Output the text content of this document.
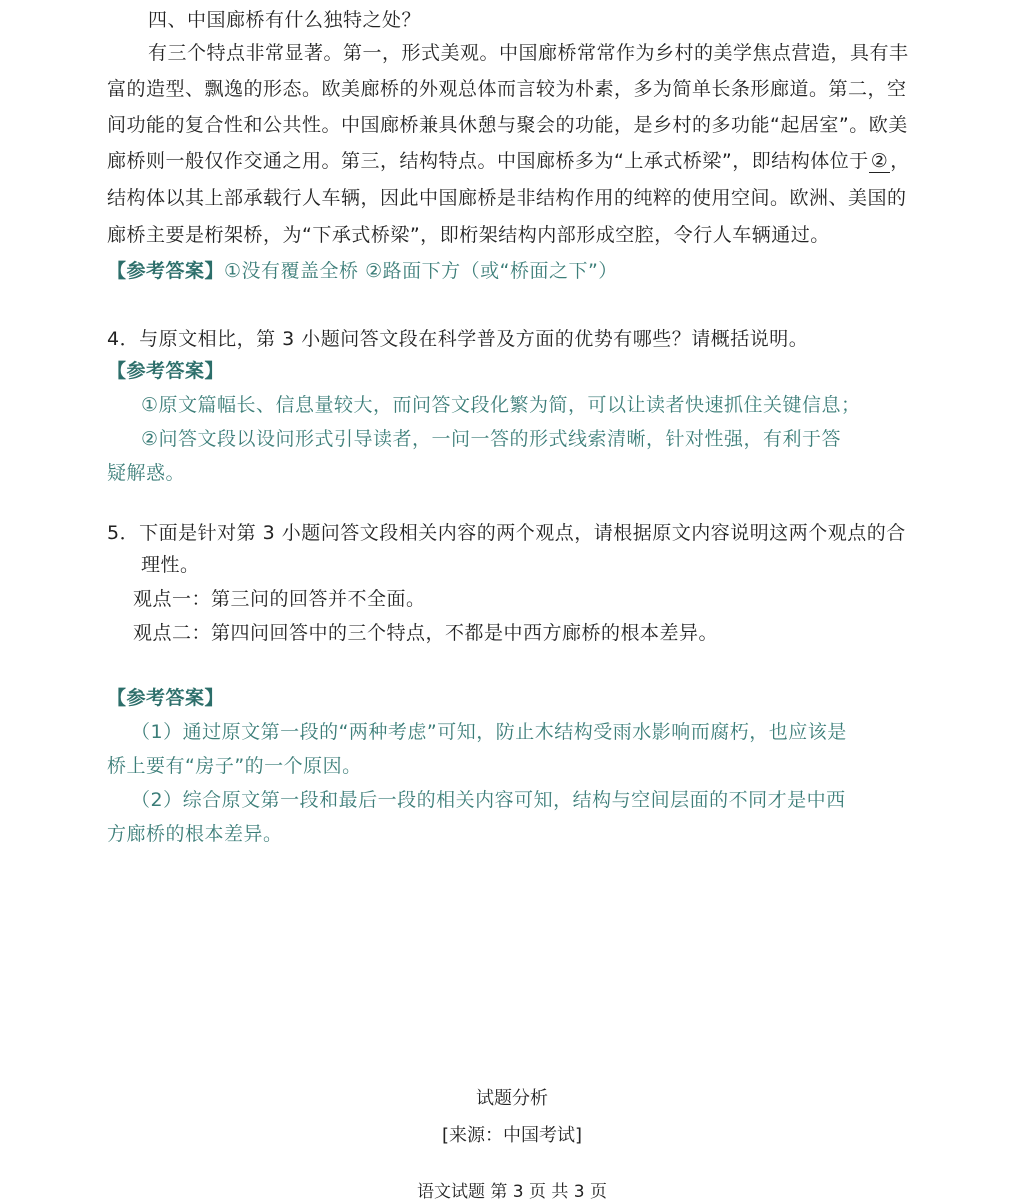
四、中国廊桥有什么独特之处？
有三个特点非常显著。第一，形式美观。中国廊桥常常作为乡村的美学焦点营造，具有丰
富的造型、飘逸的形态。欧美廊桥的外观总体而言较为朴素，多为简单长条形廊道。第二，空
间功能的复合性和公共性。中国廊桥兼具休憩与聚会的功能，是乡村的多功能“起居室”。欧美
廊桥则一般仅作交通之用。第三，结构特点。中国廊桥多为“上承式桥梁”，即结构体位于 ② ，
结构体以其上部承载行人车辆，因此中国廊桥是非结构作用的纯粹的使用空间。欧洲、美国的
廊桥主要是桁架桥，为“下承式桥梁”，即桁架结构内部形成空腔，令行人车辆通过。
【参考答案】①没有覆盖全桥 ②路面下方（或“桥面之下”）
4．与原文相比，第 3 小题问答文段在科学普及方面的优势有哪些？请概括说明。
【参考答案】
①原文篇幅长、信息量较大，而问答文段化繁为简，可以让读者快速抓住关键信息；
②问答文段以设问形式引导读者，一问一答的形式线索清晰，针对性强，有利于答
疑解惑。
5．下面是针对第 3 小题问答文段相关内容的两个观点，请根据原文内容说明这两个观点的合
理性。
观点一：第三问的回答并不全面。
观点二：第四问回答中的三个特点，不都是中西方廊桥的根本差异。
【参考答案】
（1）通过原文第一段的“两种考虑”可知，防止木结构受雨水影响而腐朽，也应该是
桥上要有“房子”的一个原因。
（2）综合原文第一段和最后一段的相关内容可知，结构与空间层面的不同才是中西
方廊桥的根本差异。
试题分析
[来源：中国考试]
语文试题 第 3 页 共 3 页
